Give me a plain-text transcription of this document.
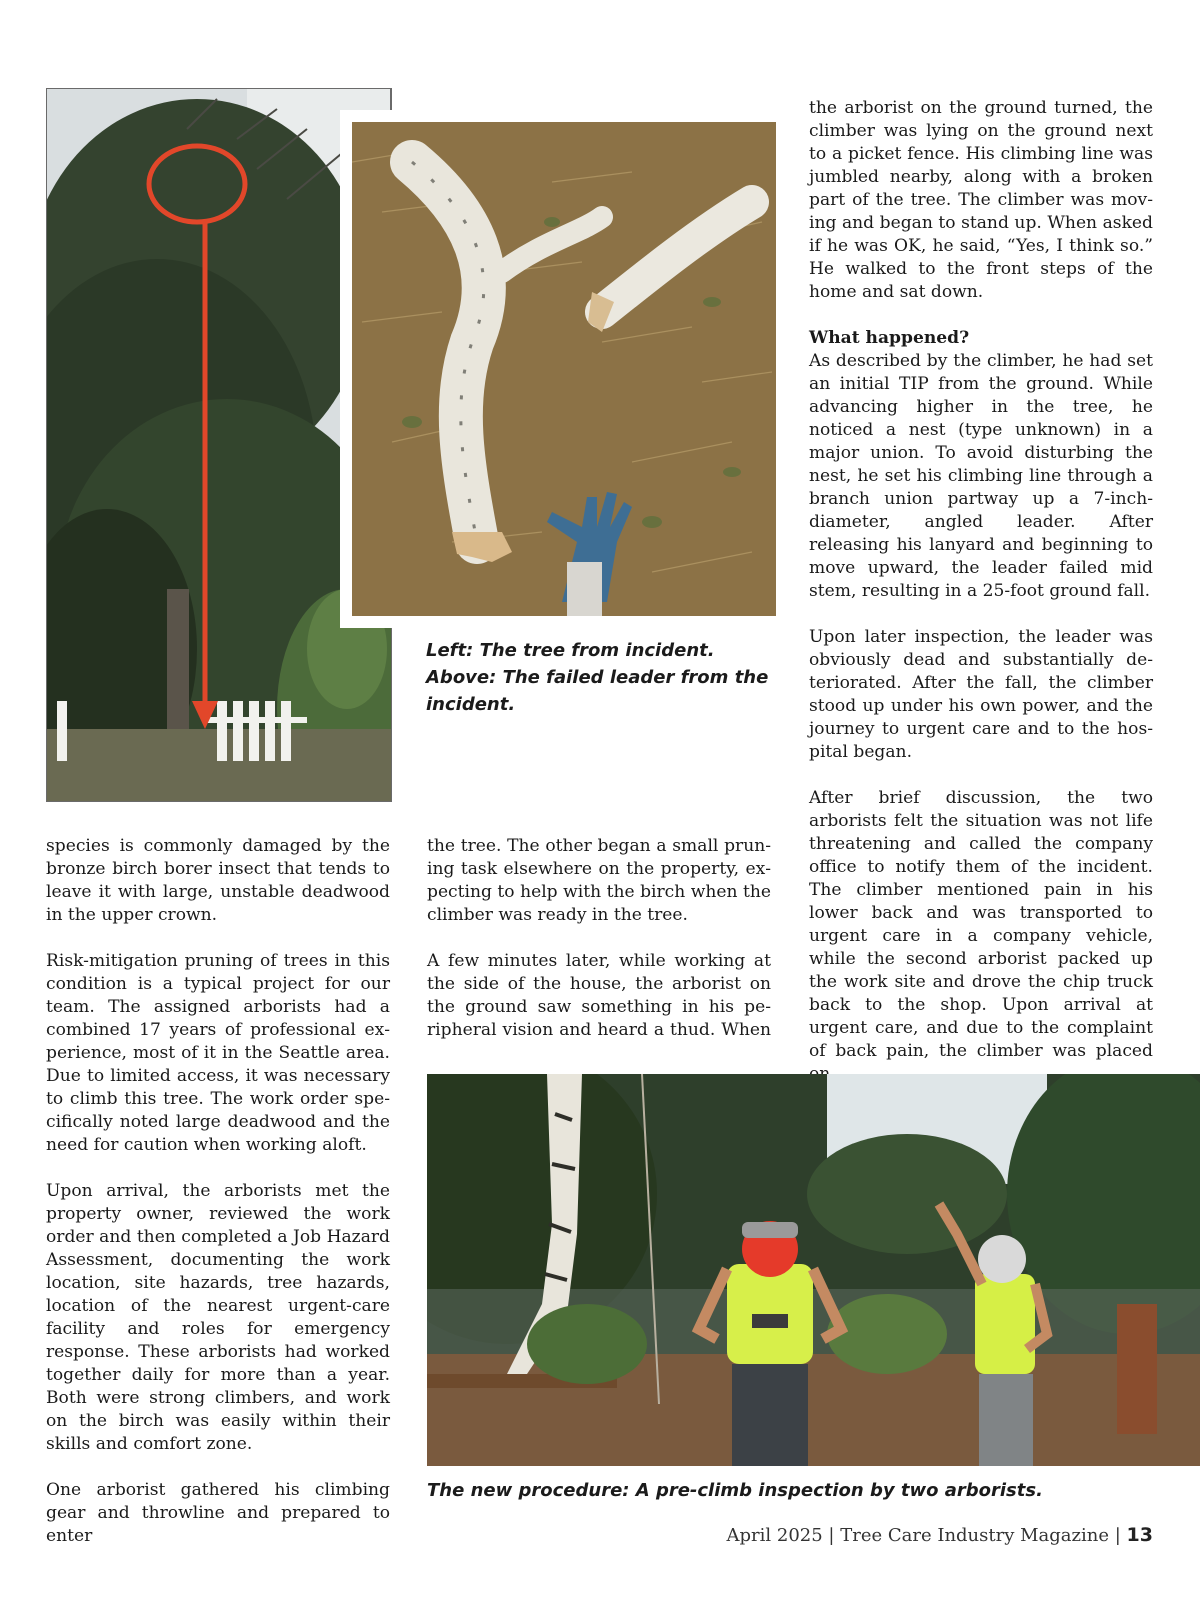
Left: The tree from incident.
Above: The failed leader from the incident.

the arborist on the ground turned, the climber was lying on the ground next to a picket fence. His climbing line was jumbled nearby, along with a broken part of the tree. The climber was moving and began to stand up. When asked if he was OK, he said, “Yes, I think so.” He walked to the front steps of the home and sat down.

What happened?

As described by the climber, he had set an initial TIP from the ground. While advancing higher in the tree, he noticed a nest (type unknown) in a major union. To avoid disturbing the nest, he set his climbing line through a branch union partway up a 7-inch-diameter, angled leader. After releasing his lanyard and beginning to move upward, the leader failed mid stem, resulting in a 25-foot ground fall.

Upon later inspection, the leader was obviously dead and substantially deteriorated. After the fall, the climber stood up under his own power, and the journey to urgent care and to the hospital began.

After brief discussion, the two arborists felt the situation was not life threatening and called the company office to notify them of the incident. The climber mentioned pain in his lower back and was transported to urgent care in a company vehicle, while the second arborist packed up the work site and drove the chip truck back to the shop. Upon arrival at urgent care, and due to the complaint of back pain, the climber was placed

species is commonly damaged by the bronze birch borer insect that tends to leave it with large, unstable deadwood in the upper crown.

Risk-mitigation pruning of trees in this condition is a typical project for our team. The assigned arborists had a combined 17 years of professional experience, most of it in the Seattle area. Due to limited access, it was necessary to climb this tree. The work order specifically noted large deadwood and the need for caution when working aloft.

Upon arrival, the arborists met the property owner, reviewed the work order and then completed a Job Hazard Assessment, documenting the work location, site hazards, tree hazards, location of the nearest urgent-care facility and roles for emergency response. These arborists had worked together daily for more than a year. Both were strong climbers, and work on the birch was easily within their skills and comfort zone.

One arborist gathered his climbing gear and throwline and prepared to enter

the tree. The other began a small pruning task elsewhere on the property, expecting to help with the birch when the climber was ready in the tree.

A few minutes later, while working at the side of the house, the arborist on the ground saw something in his peripheral vision and heard a thud. When

The new procedure: A pre-climb inspection by two arborists.
April 2025 | Tree Care Industry Magazine | 13
